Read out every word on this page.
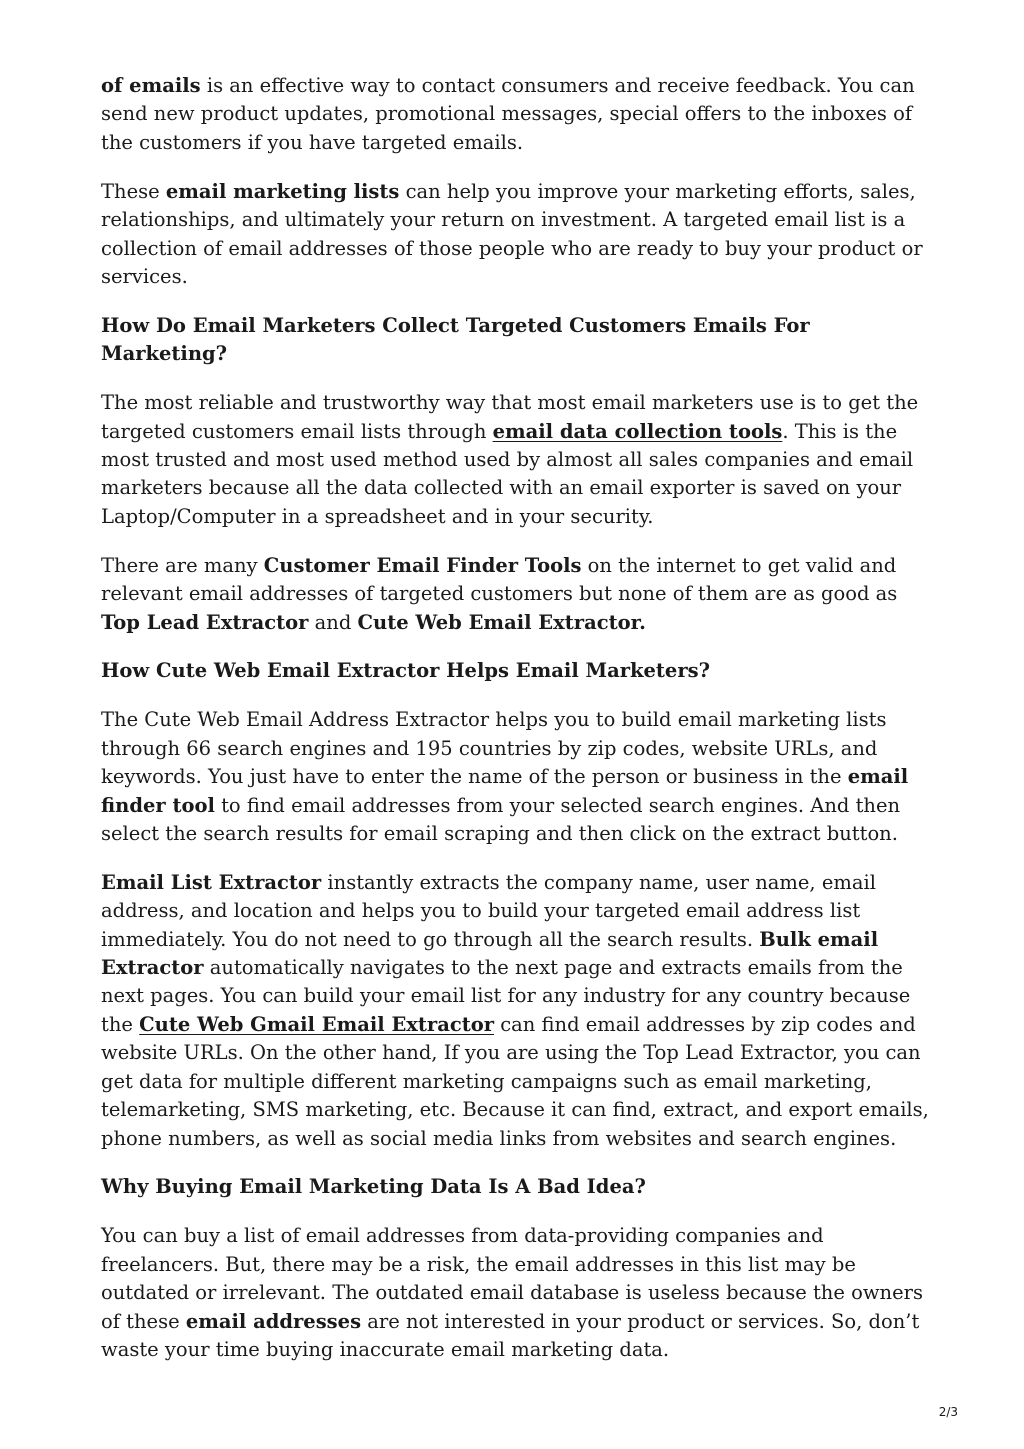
of emails is an effective way to contact consumers and receive feedback. You can send new product updates, promotional messages, special offers to the inboxes of the customers if you have targeted emails.

These email marketing lists can help you improve your marketing efforts, sales, relationships, and ultimately your return on investment. A targeted email list is a collection of email addresses of those people who are ready to buy your product or services.

How Do Email Marketers Collect Targeted Customers Emails For Marketing?

The most reliable and trustworthy way that most email marketers use is to get the targeted customers email lists through email data collection tools. This is the most trusted and most used method used by almost all sales companies and email marketers because all the data collected with an email exporter is saved on your Laptop/Computer in a spreadsheet and in your security.

There are many Customer Email Finder Tools on the internet to get valid and relevant email addresses of targeted customers but none of them are as good as Top Lead Extractor and Cute Web Email Extractor.

How Cute Web Email Extractor Helps Email Marketers?

The Cute Web Email Address Extractor helps you to build email marketing lists through 66 search engines and 195 countries by zip codes, website URLs, and keywords. You just have to enter the name of the person or business in the email finder tool to find email addresses from your selected search engines. And then select the search results for email scraping and then click on the extract button.

Email List Extractor instantly extracts the company name, user name, email address, and location and helps you to build your targeted email address list immediately. You do not need to go through all the search results. Bulk email Extractor automatically navigates to the next page and extracts emails from the next pages. You can build your email list for any industry for any country because the Cute Web Gmail Email Extractor can find email addresses by zip codes and website URLs. On the other hand, If you are using the Top Lead Extractor, you can get data for multiple different marketing campaigns such as email marketing, telemarketing, SMS marketing, etc. Because it can find, extract, and export emails, phone numbers, as well as social media links from websites and search engines.

Why Buying Email Marketing Data Is A Bad Idea?

You can buy a list of email addresses from data-providing companies and freelancers. But, there may be a risk, the email addresses in this list may be outdated or irrelevant. The outdated email database is useless because the owners of these email addresses are not interested in your product or services. So, don’t waste your time buying inaccurate email marketing data.

2/3
